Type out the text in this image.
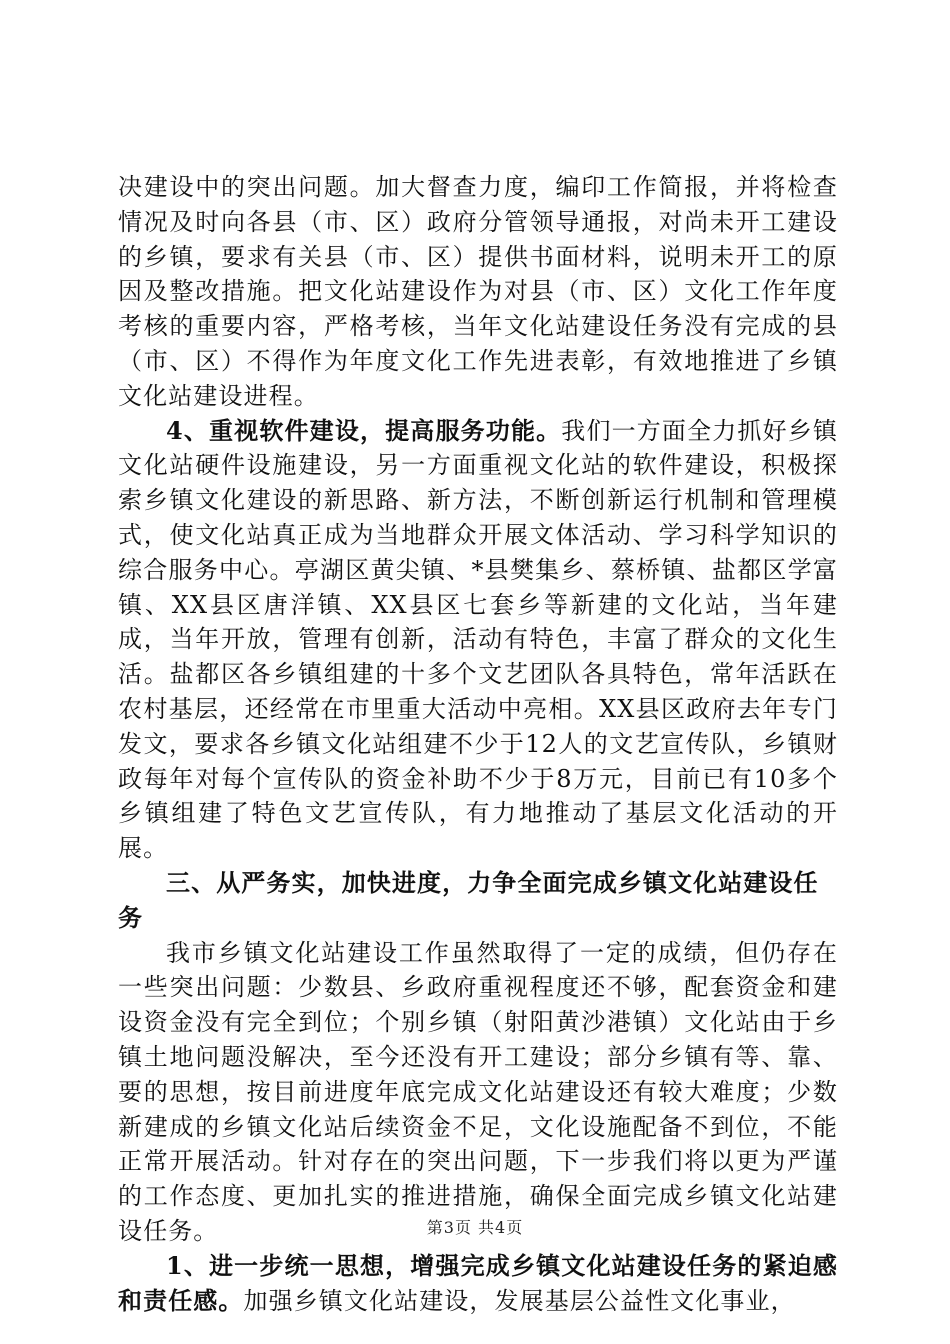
决建设中的突出问题。加大督查力度，编印工作简报，并将检查情况及时向各县（市、区）政府分管领导通报，对尚未开工建设的乡镇，要求有关县（市、区）提供书面材料，说明未开工的原因及整改措施。把文化站建设作为对县（市、区）文化工作年度考核的重要内容，严格考核，当年文化站建设任务没有完成的县（市、区）不得作为年度文化工作先进表彰，有效地推进了乡镇文化站建设进程。

4、重视软件建设，提高服务功能。我们一方面全力抓好乡镇文化站硬件设施建设，另一方面重视文化站的软件建设，积极探索乡镇文化建设的新思路、新方法，不断创新运行机制和管理模式，使文化站真正成为当地群众开展文体活动、学习科学知识的综合服务中心。亭湖区黄尖镇、*县樊集乡、蔡桥镇、盐都区学富镇、XX县区唐洋镇、XX县区七套乡等新建的文化站，当年建成，当年开放，管理有创新，活动有特色，丰富了群众的文化生活。盐都区各乡镇组建的十多个文艺团队各具特色，常年活跃在农村基层，还经常在市里重大活动中亮相。XX县区政府去年专门发文，要求各乡镇文化站组建不少于12人的文艺宣传队，乡镇财政每年对每个宣传队的资金补助不少于8万元，目前已有10多个乡镇组建了特色文艺宣传队，有力地推动了基层文化活动的开展。

三、从严务实，加快进度，力争全面完成乡镇文化站建设任务

我市乡镇文化站建设工作虽然取得了一定的成绩，但仍存在一些突出问题：少数县、乡政府重视程度还不够，配套资金和建设资金没有完全到位；个别乡镇（射阳黄沙港镇）文化站由于乡镇土地问题没解决，至今还没有开工建设；部分乡镇有等、靠、要的思想，按目前进度年底完成文化站建设还有较大难度；少数新建成的乡镇文化站后续资金不足，文化设施配备不到位，不能正常开展活动。针对存在的突出问题，下一步我们将以更为严谨的工作态度、更加扎实的推进措施，确保全面完成乡镇文化站建设任务。

1、进一步统一思想，增强完成乡镇文化站建设任务的紧迫感和责任感。加强乡镇文化站建设，发展基层公益性文化事业，

第3页 共4页
